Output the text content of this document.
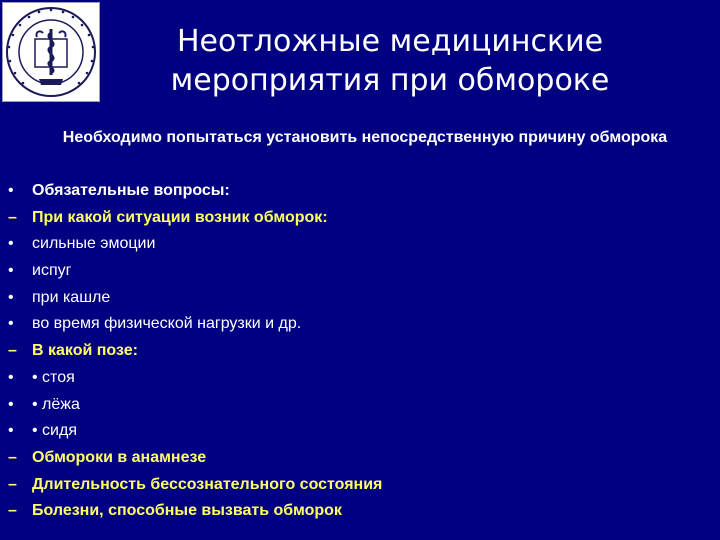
Неотложные медицинские
мероприятия при обмороке
Необходимо попытаться установить непосредственную причину обморока
• Обязательные вопросы:
– При какой ситуации возник обморок:
• сильные эмоции
• испуг
• при кашле
• во время физической нагрузки и др.
– В какой позе:
• • стоя
• • лёжа
• • сидя
– Обмороки в анамнезе
– Длительность бессознательного состояния
– Болезни, способные вызвать обморок
